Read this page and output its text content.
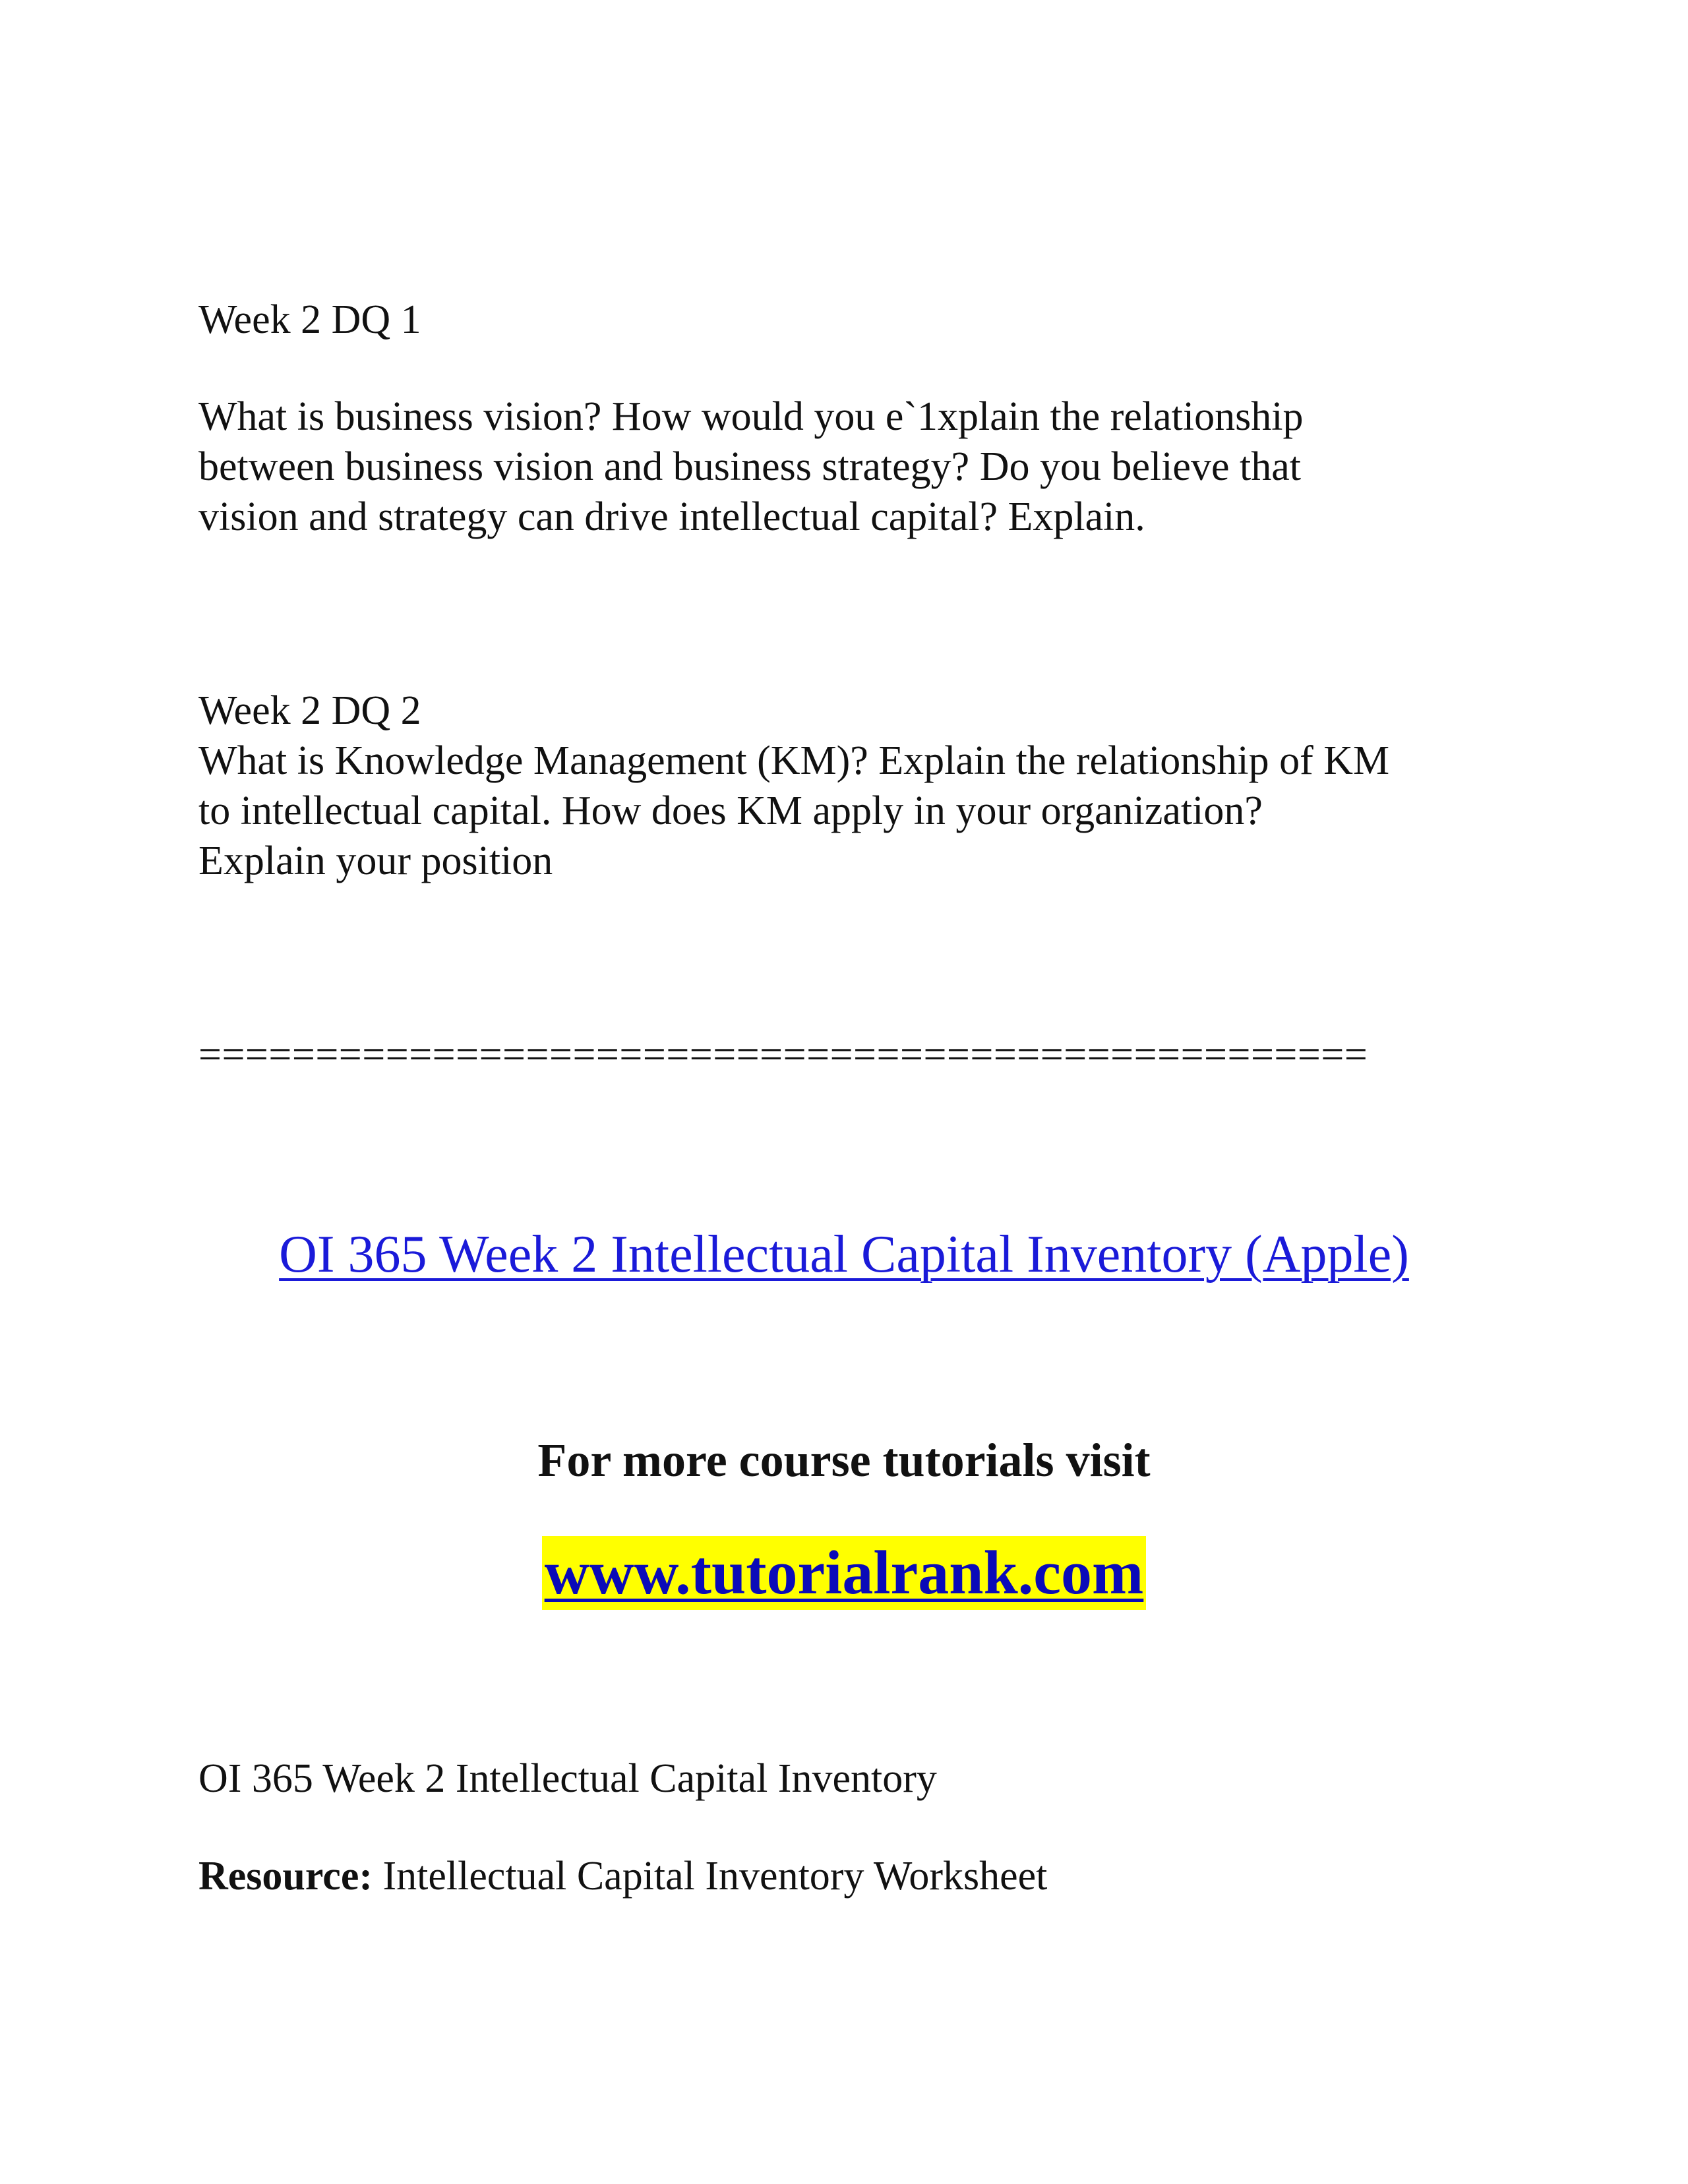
Week 2 DQ 1
What is business vision? How would you e`1xplain the relationship
between business vision and business strategy? Do you believe that
vision and strategy can drive intellectual capital? Explain.
Week 2 DQ 2
What is Knowledge Management (KM)? Explain the relationship of KM
to intellectual capital. How does KM apply in your organization?
Explain your position
==================================================
OI 365 Week 2 Intellectual Capital Inventory (Apple)
For more course tutorials visit
www.tutorialrank.com
OI 365 Week 2 Intellectual Capital Inventory
Resource: Intellectual Capital Inventory Worksheet
